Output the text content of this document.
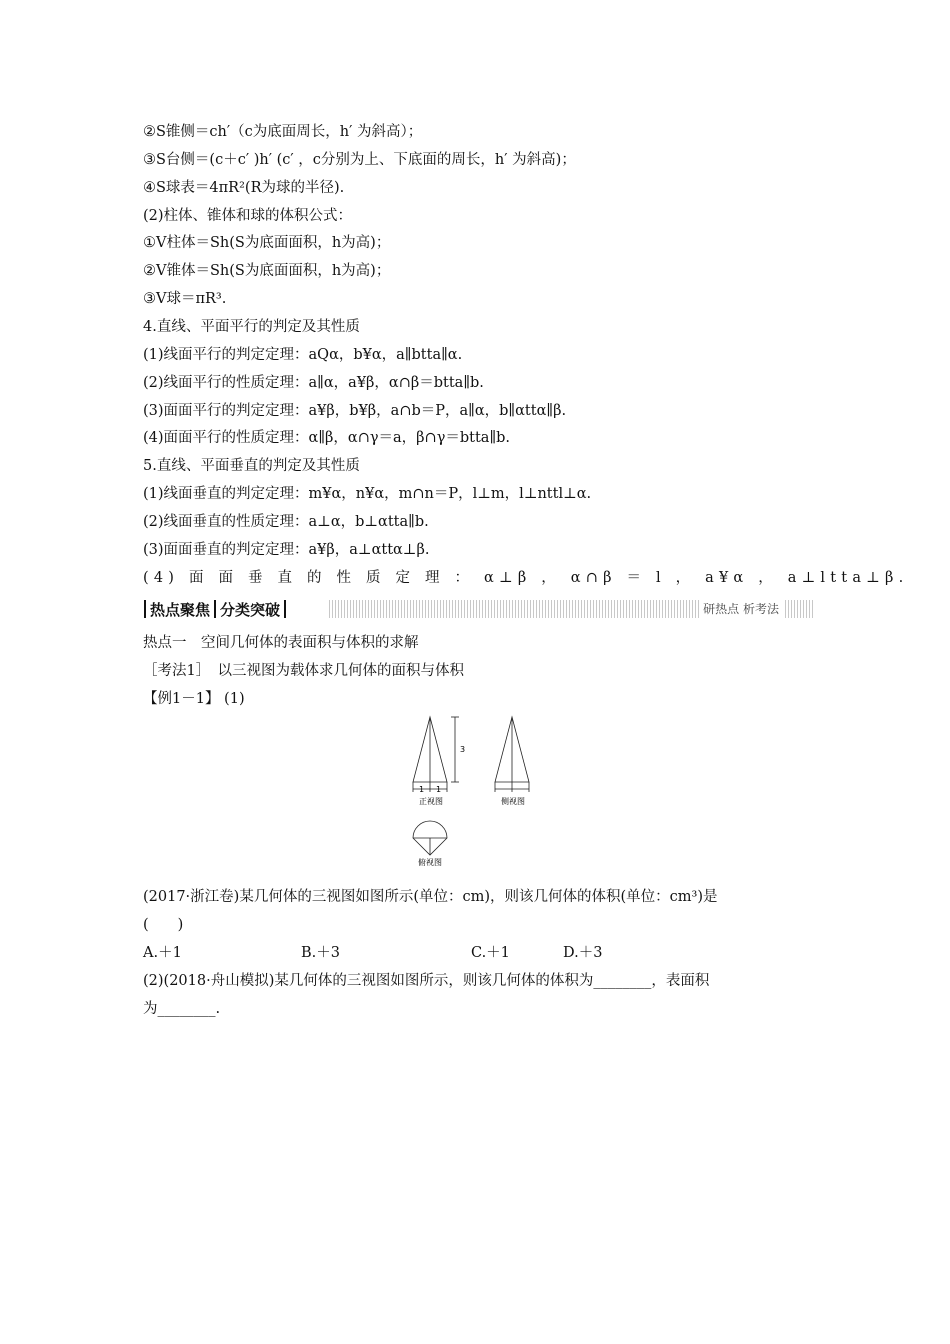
②S锥侧＝ch′（c为底面周长，h′ 为斜高）；
③S台侧＝(c＋c′ )h′ (c′ ，c分别为上、下底面的周长，h′ 为斜高)；
④S球表＝4πR²(R为球的半径).
(2)柱体、锥体和球的体积公式：
①V柱体＝Sh(S为底面面积，h为高)；
②V锥体＝Sh(S为底面面积，h为高)；
③V球＝πR³.
4.直线、平面平行的判定及其性质
(1)线面平行的判定定理：aQα，b¥α，a∥btta∥α.
(2)线面平行的性质定理：a∥α，a¥β，α∩β＝btta∥b.
(3)面面平行的判定定理：a¥β，b¥β，a∩b＝P，a∥α，b∥αttα∥β.
(4)面面平行的性质定理：α∥β，α∩γ＝a，β∩γ＝btta∥b.
5.直线、平面垂直的判定及其性质
(1)线面垂直的判定定理：m¥α，n¥α，m∩n＝P，l⊥m，l⊥nttl⊥α.
(2)线面垂直的性质定理：a⊥α，b⊥αtta∥b.
(3)面面垂直的判定定理：a¥β，a⊥αttα⊥β.
(4) 面 面 垂 直 的 性 质 定 理 ： α⊥β ， α∩β ＝ l ， a¥α ， a⊥ltta⊥β.
热点聚焦 分类突破	研热点 析考法
热点一　空间几何体的表面积与体积的求解
［考法1］　以三视图为载体求几何体的面积与体积
【例1－1】 (1)
3
1 1
正视图	侧视图
俯视图
(2017·浙江卷)某几何体的三视图如图所示(单位：cm)，则该几何体的体积(单位：cm³)是
(　　)
A.＋1	B.＋3	C.＋1	D.＋3
(2)(2018·舟山模拟)某几何体的三视图如图所示，则该几何体的体积为________，表面积
为________.
